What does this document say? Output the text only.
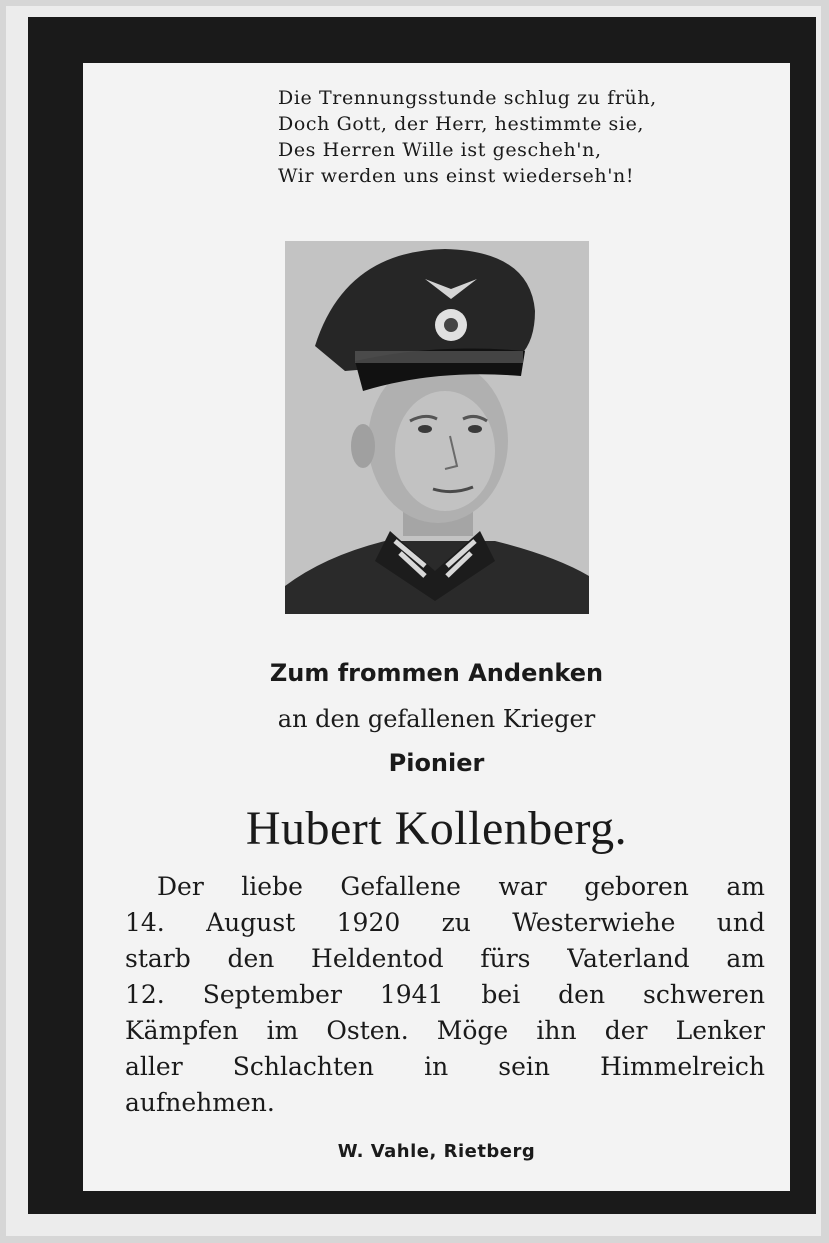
Die Trennungsstunde schlug zu früh,
Doch Gott, der Herr, hestimmte sie,
Des Herren Wille ist gescheh'n,
Wir werden uns einst wiederseh'n!
Zum frommen Andenken
an den gefallenen Krieger
Pionier
Hubert Kollenberg.
Der liebe Gefallene war geboren am
14. August 1920 zu Westerwiehe und
starb den Heldentod fürs Vaterland am
12. September 1941 bei den schweren
Kämpfen im Osten. Möge ihn der Lenker
aller Schlachten in sein Himmelreich
aufnehmen.
W. Vahle, Rietberg
